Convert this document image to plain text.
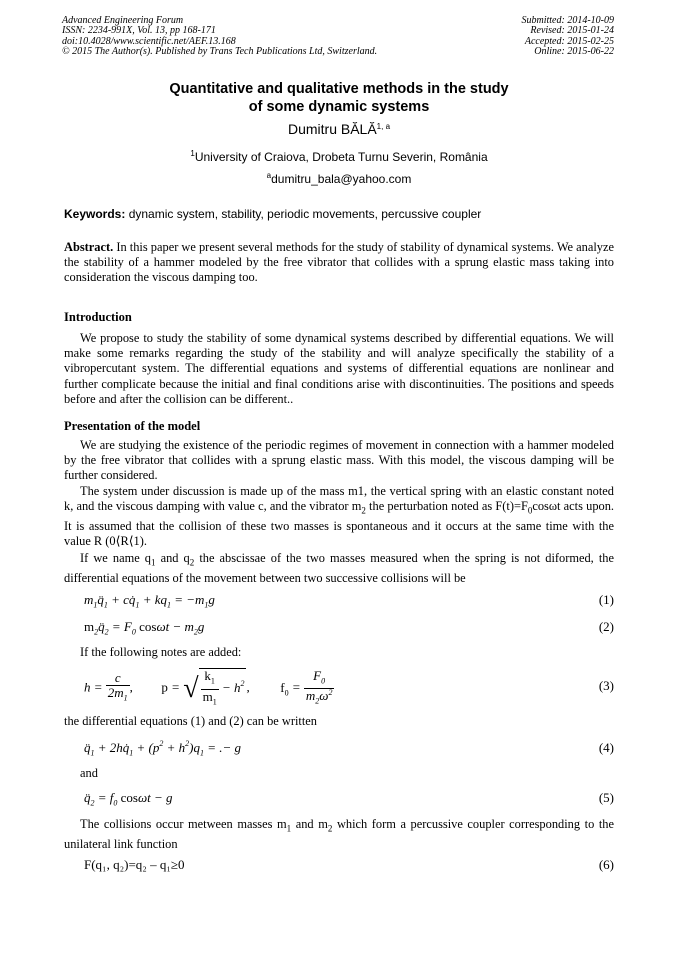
Advanced Engineering Forum
ISSN: 2234-991X, Vol. 13, pp 168-171
doi:10.4028/www.scientific.net/AEF.13.168
© 2015 The Author(s). Published by Trans Tech Publications Ltd, Switzerland.
Submitted: 2014-10-09
Revised: 2015-01-24
Accepted: 2015-02-25
Online: 2015-06-22
Quantitative and qualitative methods in the study
of some dynamic systems
Dumitru BĂLĂ$^{1, a}$
$^1$University of Craiova, Drobeta Turnu Severin, România
$^a$dumitru_bala@yahoo.com
Keywords: dynamic system, stability, periodic movements, percussive coupler
Abstract. In this paper we present several methods for the study of stability of dynamical systems. We analyze the stability of a hammer modeled by the free vibrator that collides with a sprung elastic mass taking into consideration the viscous damping too.
Introduction
We propose to study the stability of some dynamical systems described by differential equations. We will make some remarks regarding the study of the stability and will analyze specifically the stability of a vibropercutant system. The differential equations and systems of differential equations are nonlinear and further complicate because the initial and final conditions arise with discontinuities. The positions and speeds before and after the collision can be different..
Presentation of the model
We are studying the existence of the periodic regimes of movement in connection with a hammer modeled by the free vibrator that collides with a sprung elastic mass. With this model, the viscous damping will be further considered.
The system under discussion is made up of the mass m1, the vertical spring with an elastic constant noted k, and the viscous damping with value c, and the vibrator $m_2$ the perturbation noted as $F(t)=F_0\cos\omega t$ acts upon. It is assumed that the collision of these two masses is spontaneous and it occurs at the same time with the value R (0⟨R⟨1).
If we name $q_1$ and $q_2$ the abscissae of the two masses measured when the spring is not diformed, the differential equations of the movement between two successive collisions will be
$m_1q̈_1$ + $cq̇_1 + kq_1 = -m_1g$	(1)
$m_2q̈_2 = F_0$ $\cos\omega t - m_2g$	(2)
If the following notes are added:
$h = \frac{c}{2m_1}$ ,  p = √ $\frac{k_1}{m_1} - h^2$ ,  $f_0 = \frac{F_0}{m_2\omega^2}$	(3)
the differential equations (1) and (2) can be written
$q̈_1$ + $2hq̇_1 + (p^2 + h^2)q_1$ = .− g	(4)
and
$q̈_2 = f_0$ cosωt − g	(5)
The collisions occur metween masses $m_1$ and $m_2$ which form a percussive coupler corresponding to the unilateral link function
F(q₁, q₂)=q₂ – q₁≥0	(6)
